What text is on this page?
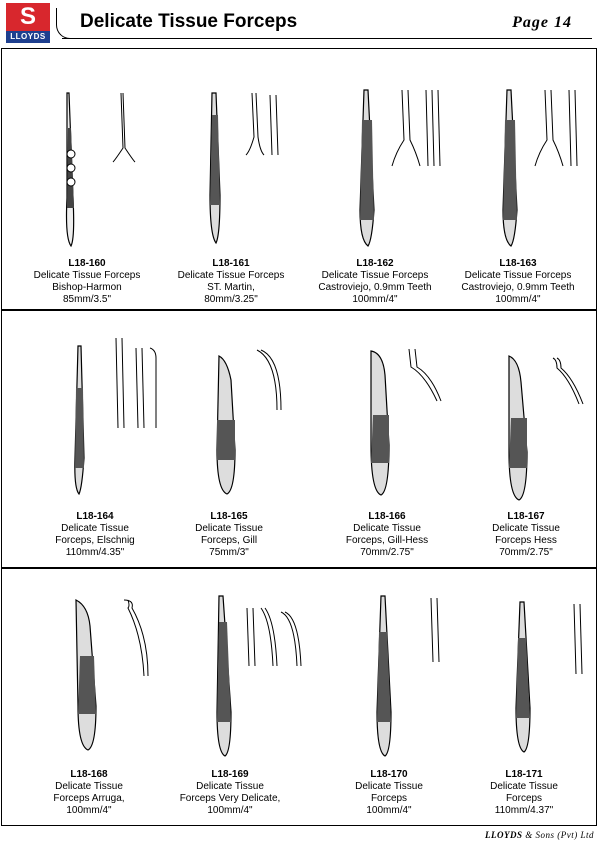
S
LLOYDS
Delicate Tissue Forceps	Page 14
L18-160
Delicate Tissue Forceps
Bishop-Harmon
85mm/3.5"
L18-161
Delicate Tissue Forceps
ST. Martin,
80mm/3.25"
L18-162
Delicate Tissue Forceps
Castroviejo, 0.9mm Teeth
100mm/4"
L18-163
Delicate Tissue Forceps
Castroviejo, 0.9mm Teeth
100mm/4"
L18-164
Delicate Tissue
Forceps, Elschnig
110mm/4.35"
L18-165
Delicate Tissue
Forceps, Gill
75mm/3"
L18-166
Delicate Tissue
Forceps, Gill-Hess
70mm/2.75"
L18-167
Delicate Tissue
Forceps Hess
70mm/2.75"
L18-168
Delicate Tissue
Forceps Arruga,
100mm/4"
L18-169
Delicate Tissue
Forceps Very Delicate,
100mm/4"
L18-170
Delicate Tissue
Forceps
100mm/4"
L18-171
Delicate Tissue
Forceps
110mm/4.37"
LLOYDS & Sons (Pvt) Ltd
